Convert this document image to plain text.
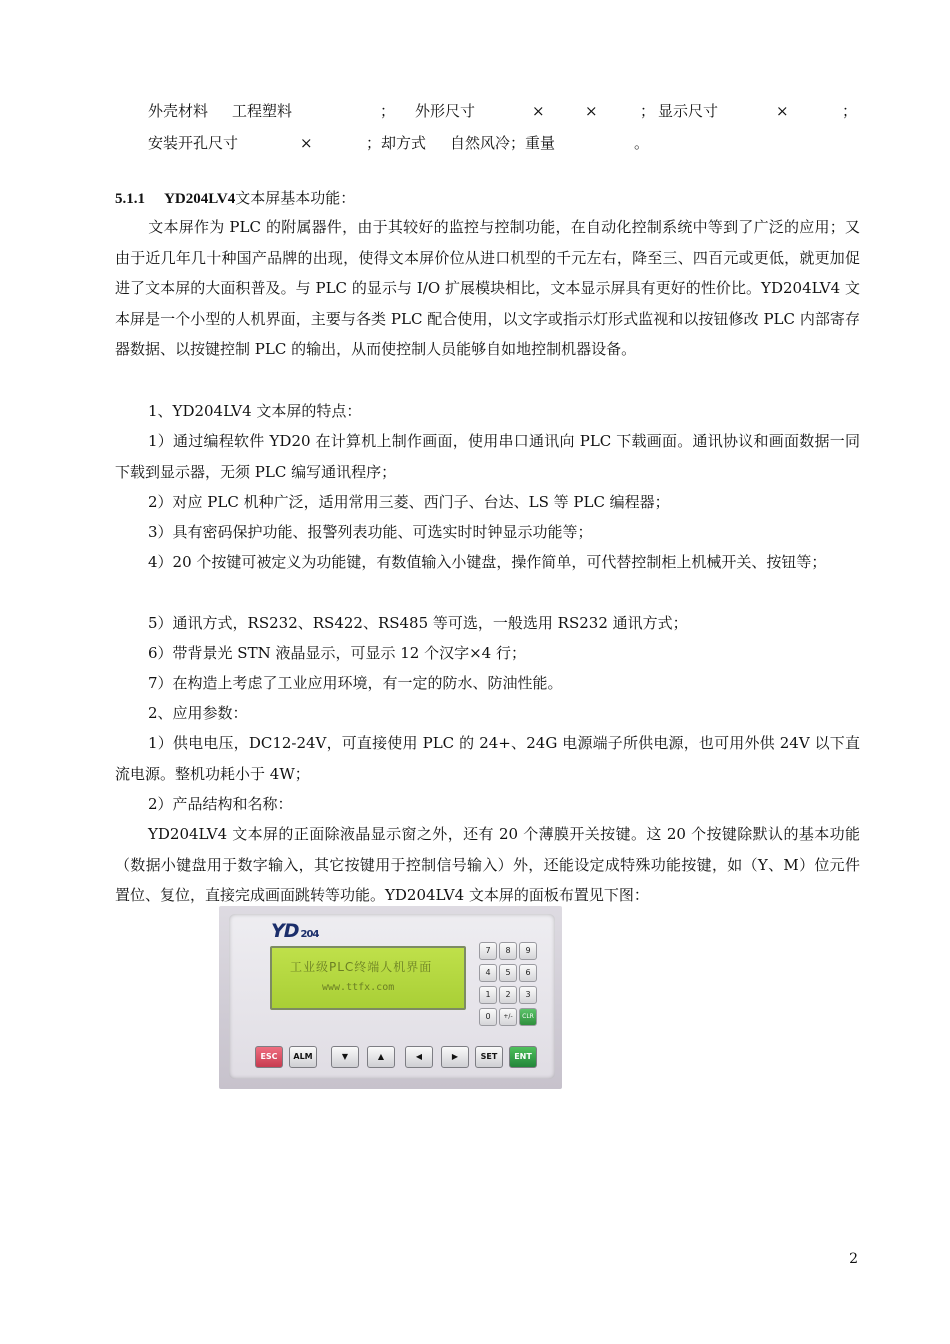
外壳材料

工程塑料

	；

外形尺寸

	×

	×

	；

显示尺寸

	×

	；

安装开孔尺寸

	×

	；却方式

自然风冷；重量

	。

5.1.1 YD204LV4文本屏基本功能：
文本屏作为 PLC 的附属器件，由于其较好的监控与控制功能，在自动化控制系统中等到了广泛的应用；又由于近几年几十种国产品牌的出现，使得文本屏价位从进口机型的千元左右，降至三、四百元或更低，就更加促进了文本屏的大面积普及。与 PLC 的显示与 I/O 扩展模块相比，文本显示屏具有更好的性价比。YD204LV4 文本屏是一个小型的人机界面，主要与各类 PLC 配合使用，以文字或指示灯形式监视和以按钮修改 PLC 内部寄存器数据、以按键控制 PLC 的输出，从而使控制人员能够自如地控制机器设备。
1、YD204LV4 文本屏的特点：
1）通过编程软件 YD20 在计算机上制作画面，使用串口通讯向 PLC 下载画面。通讯协议和画面数据一同下载到显示器，无须 PLC 编写通讯程序；
2）对应 PLC 机种广泛，适用常用三菱、西门子、台达、LS 等 PLC 编程器；
3）具有密码保护功能、报警列表功能、可选实时时钟显示功能等；
4）20 个按键可被定义为功能键，有数值输入小键盘，操作简单，可代替控制柜上机械开关、按钮等；
5）通讯方式，RS232、RS422、RS485 等可选，一般选用 RS232 通讯方式；
6）带背景光 STN 液晶显示，可显示 12 个汉字×4 行；
7）在构造上考虑了工业应用环境，有一定的防水、防油性能。
2、应用参数：
1）供电电压，DC12-24V，可直接使用 PLC 的 24+、24G 电源端子所供电源，也可用外供 24V 以下直流电源。整机功耗小于 4W；
2）产品结构和名称：
YD204LV4 文本屏的正面除液晶显示窗之外，还有 20 个薄膜开关按键。这 20 个按键除默认的基本功能（数据小键盘用于数字输入，其它按键用于控制信号输入）外，还能设定成特殊功能按键，如（Y、M）位元件置位、复位，直接完成画面跳转等功能。YD204LV4 文本屏的面板布置见下图：
YD 204
工业级PLC终端人机界面
www.ttfx.com
7	8	9
4	5	6
1	2	3
0	+/-	CLR
ESC	ALM	▼	▲	◀	▶	SET	ENT
2
